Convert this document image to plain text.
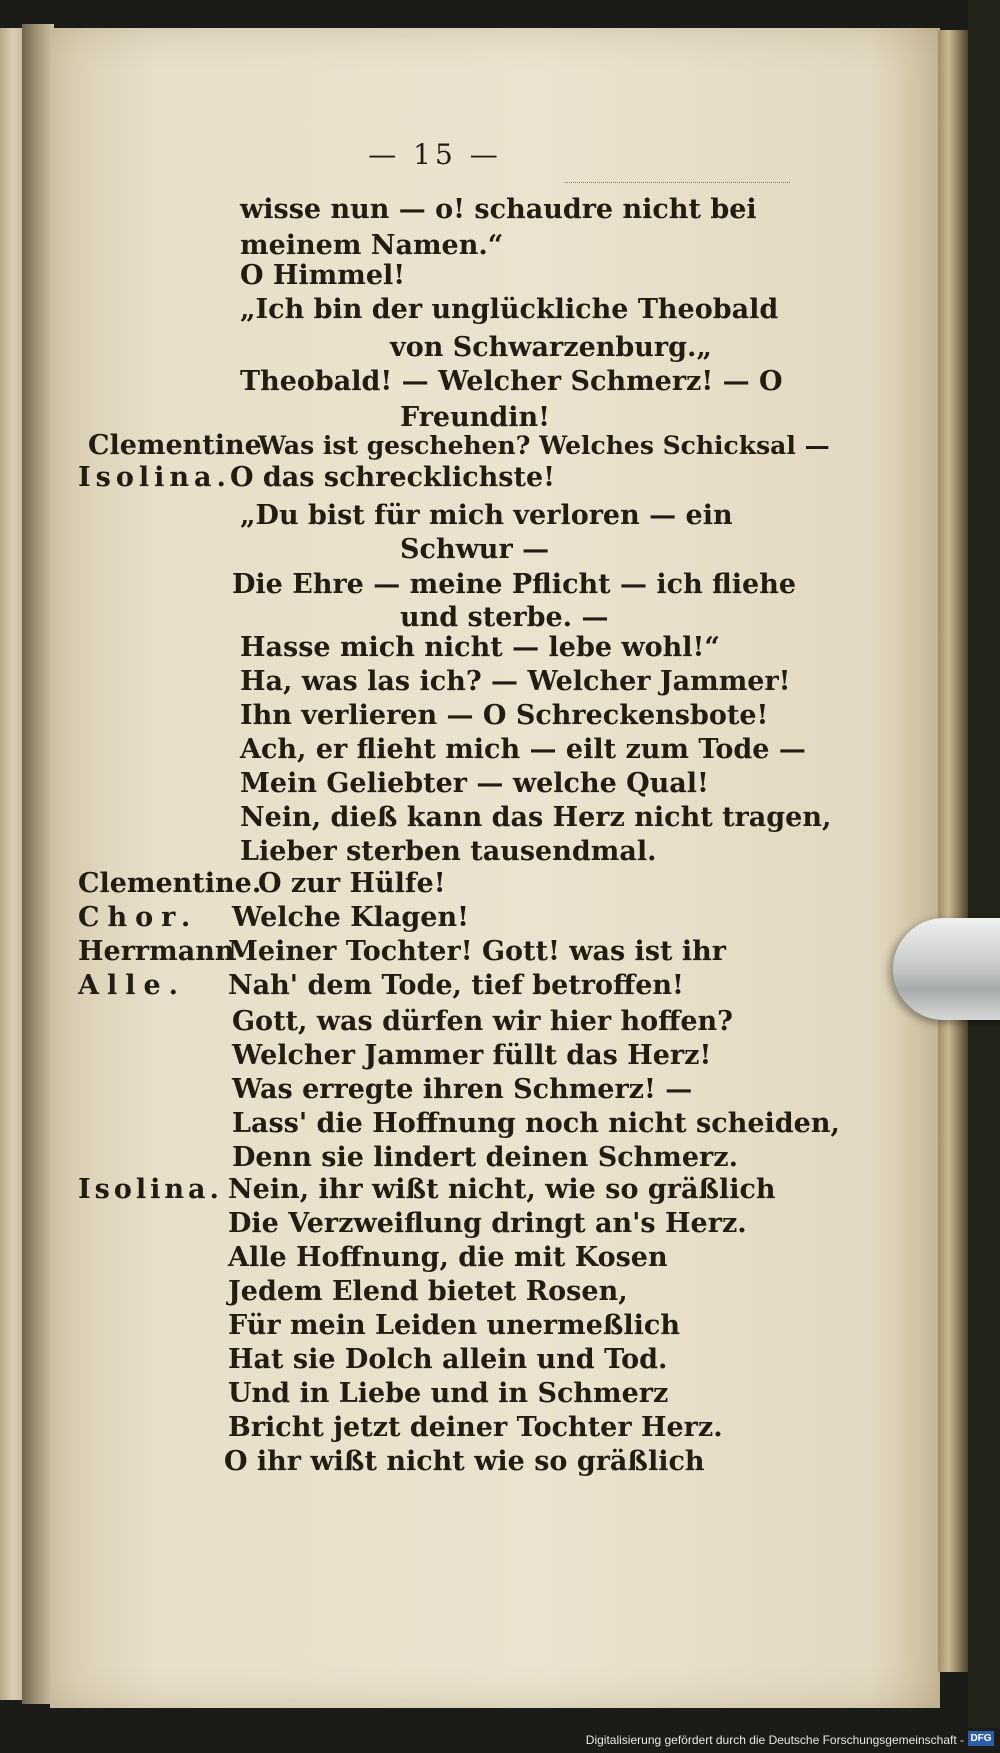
— 15 —
wisse nun — o! schaudre nicht bei
meinem Namen.“
O Himmel!
„Ich bin der unglückliche Theobald
von Schwarzenburg.„
Theobald! — Welcher Schmerz! — O
Freundin!
Clementine.
Was ist geschehen? Welches Schicksal —
Isolina. O das schrecklichste!
„Du bist für mich verloren — ein
Schwur —
Die Ehre — meine Pflicht — ich fliehe
und sterbe. —
Hasse mich nicht — lebe wohl!“
Ha, was las ich? — Welcher Jammer!
Ihn verlieren — O Schreckensbote!
Ach, er flieht mich — eilt zum Tode —
Mein Geliebter — welche Qual!
Nein, dieß kann das Herz nicht tragen,
Lieber sterben tausendmal.
Clementine.
O zur Hülfe!
Chor. Welche Klagen!
Herrmann
Meiner Tochter! Gott! was ist ihr
Alle. Nah' dem Tode, tief betroffen!
Gott, was dürfen wir hier hoffen?
Welcher Jammer füllt das Herz!
Was erregte ihren Schmerz! —
Lass' die Hoffnung noch nicht scheiden,
Denn sie lindert deinen Schmerz.
Isolina. Nein, ihr wißt nicht, wie so gräßlich
Die Verzweiflung dringt an's Herz.
Alle Hoffnung, die mit Kosen
Jedem Elend bietet Rosen,
Für mein Leiden unermeßlich
Hat sie Dolch allein und Tod.
Und in Liebe und in Schmerz
Bricht jetzt deiner Tochter Herz.
O ihr wißt nicht wie so gräßlich
Digitalisierung gefördert durch die Deutsche Forschungsgemeinschaft - DFG
